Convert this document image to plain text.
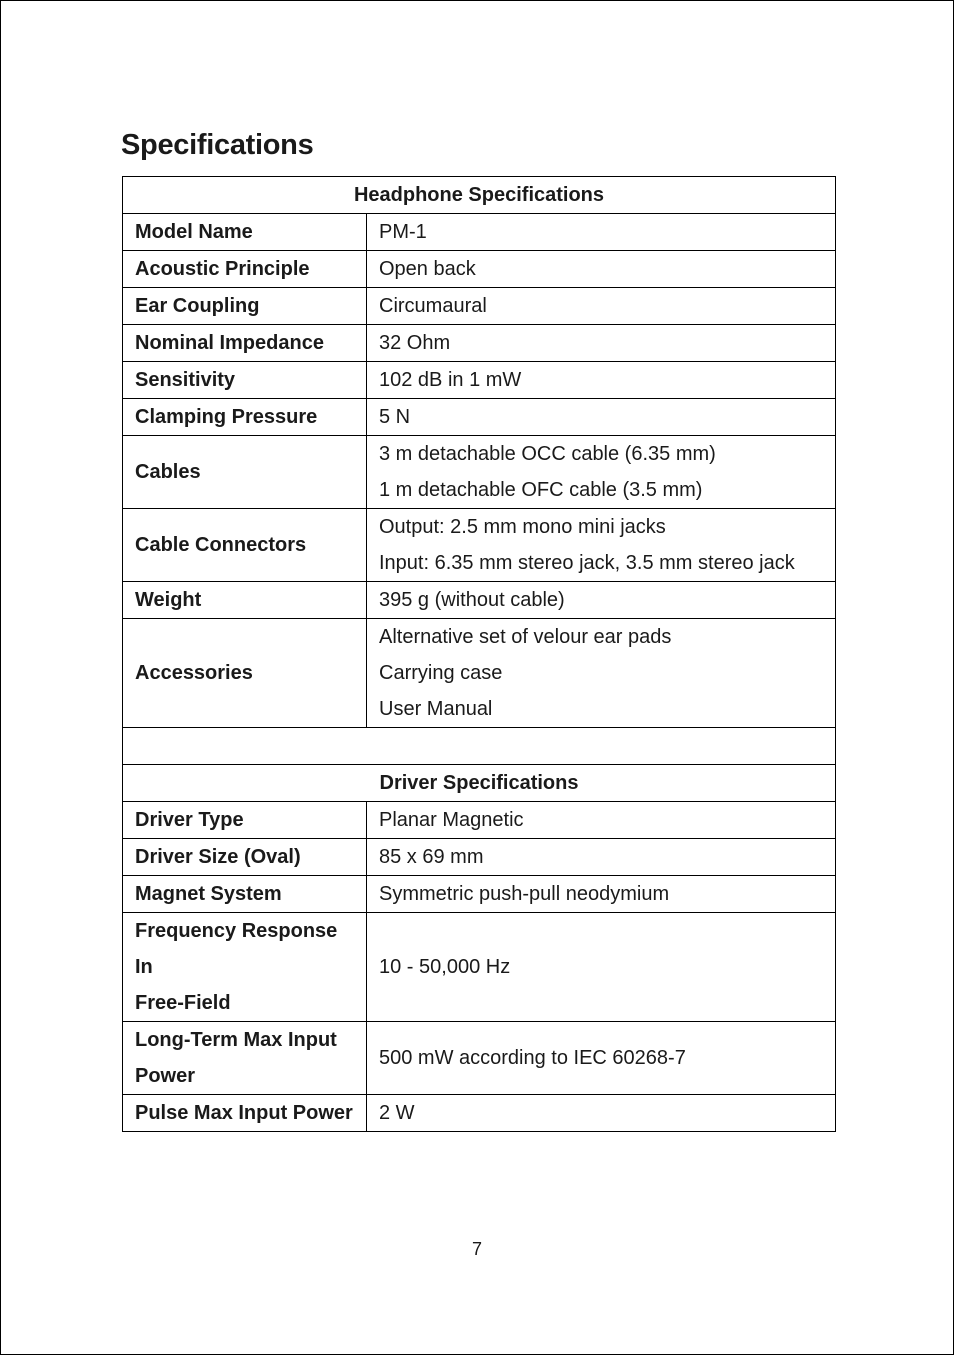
Specifications
Headphone Specifications	

Model Name	PM-1

Acoustic Principle	Open back

Ear Coupling	Circumaural

Nominal Impedance	32 Ohm

Sensitivity	102 dB in 1 mW

Clamping Pressure	5 N

Cables	3 m detachable OCC cable (6.35 mm)
1 m detachable OFC cable (3.5 mm)

Cable Connectors	Output: 2.5 mm mono mini jacks
Input: 6.35 mm stereo jack, 3.5 mm stereo jack

Weight	395 g (without cable)

Accessories	Alternative set of velour ear pads
Carrying case
User Manual

Driver Specifications	

Driver Type	Planar Magnetic

Driver Size (Oval)	85 x 69 mm

Magnet System	Symmetric push-pull neodymium

Frequency Response In
Free-Field	10 - 50,000 Hz

Long-Term Max Input
Power	500 mW according to IEC 60268-7

Pulse Max Input Power	2 W
7
